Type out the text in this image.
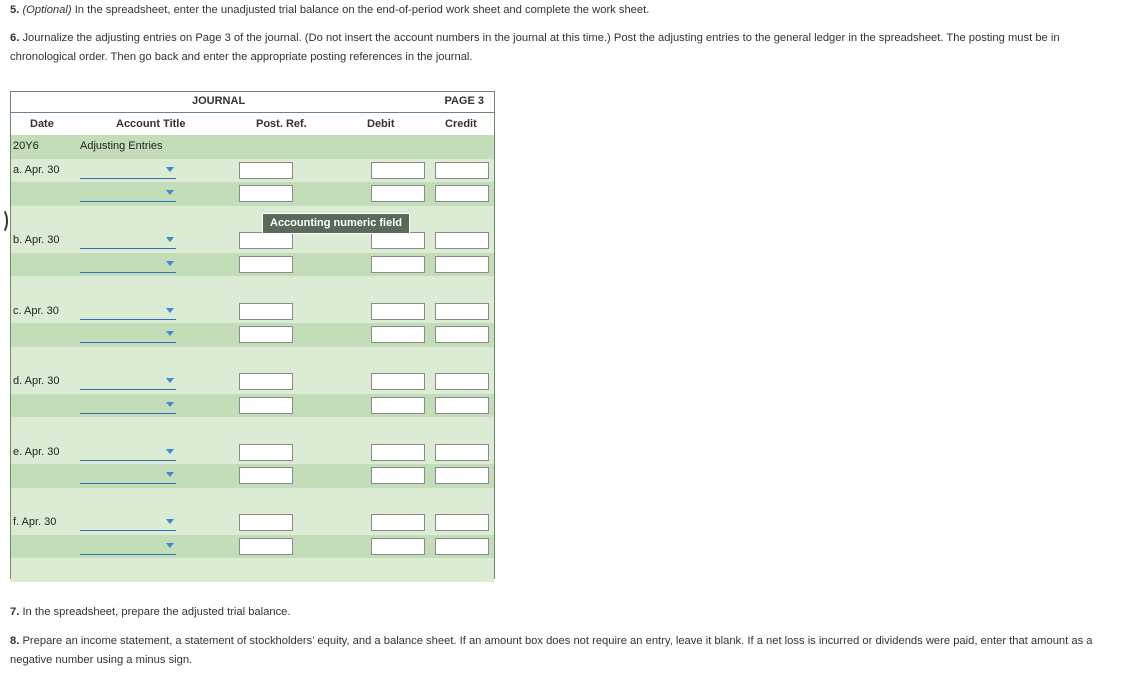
5. (Optional) In the spreadsheet, enter the unadjusted trial balance on the end-of-period work sheet and complete the work sheet.
6. Journalize the adjusting entries on Page 3 of the journal. (Do not insert the account numbers in the journal at this time.) Post the adjusting entries to the general ledger in the spreadsheet. The posting must be in chronological order. Then go back and enter the appropriate posting references in the journal.
JOURNAL	PAGE 3
Date	Account Title	Post. Ref.	Debit	Credit
20Y6	Adjusting Entries
a. Apr. 30
b. Apr. 30
c. Apr. 30
d. Apr. 30
e. Apr. 30
f. Apr. 30
Accounting numeric field
7. In the spreadsheet, prepare the adjusted trial balance.
8. Prepare an income statement, a statement of stockholders’ equity, and a balance sheet. If an amount box does not require an entry, leave it blank. If a net loss is incurred or dividends were paid, enter that amount as a negative number using a minus sign.
